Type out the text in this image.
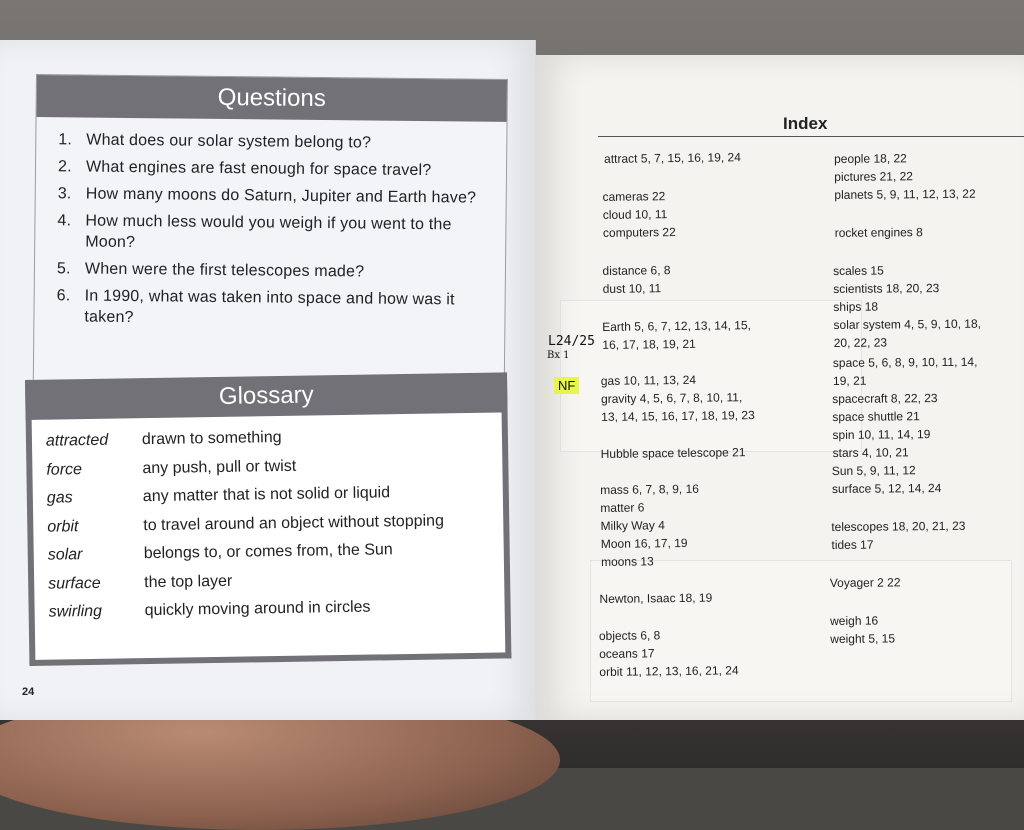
Questions
1. What does our solar system belong to?
2. What engines are fast enough for space travel?
3. How many moons do Saturn, Jupiter and Earth have?
4. How much less would you weigh if you went to the Moon?
5. When were the first telescopes made?
6. In 1990, what was taken into space and how was it taken?
Glossary
attracted	drawn to something
force	any push, pull or twist
gas	any matter that is not solid or liquid
orbit	to travel around an object without stopping
solar	belongs to, or comes from, the Sun
surface	the top layer
swirling	quickly moving around in circles
24
Index
attract 5, 7, 15, 16, 19, 24
cameras 22
cloud 10, 11
computers 22
distance 6, 8
dust 10, 11
Earth 5, 6, 7, 12, 13, 14, 15,
16, 17, 18, 19, 21
gas 10, 11, 13, 24
gravity 4, 5, 6, 7, 8, 10, 11,
13, 14, 15, 16, 17, 18, 19, 23
Hubble space telescope 21
mass 6, 7, 8, 9, 16
matter 6
Milky Way 4
Moon 16, 17, 19
moons 13
Newton, Isaac 18, 19
objects 6, 8
oceans 17
orbit 11, 12, 13, 16, 21, 24
people 18, 22
pictures 21, 22
planets 5, 9, 11, 12, 13, 22
rocket engines 8
scales 15
scientists 18, 20, 23
ships 18
solar system 4, 5, 9, 10, 18,
20, 22, 23
space 5, 6, 8, 9, 10, 11, 14,
19, 21
spacecraft 8, 22, 23
space shuttle 21
spin 10, 11, 14, 19
stars 4, 10, 21
Sun 5, 9, 11, 12
surface 5, 12, 14, 24
telescopes 18, 20, 21, 23
tides 17
Voyager 2 22
weigh 16
weight 5, 15
L24/25
Bx 1
NF
